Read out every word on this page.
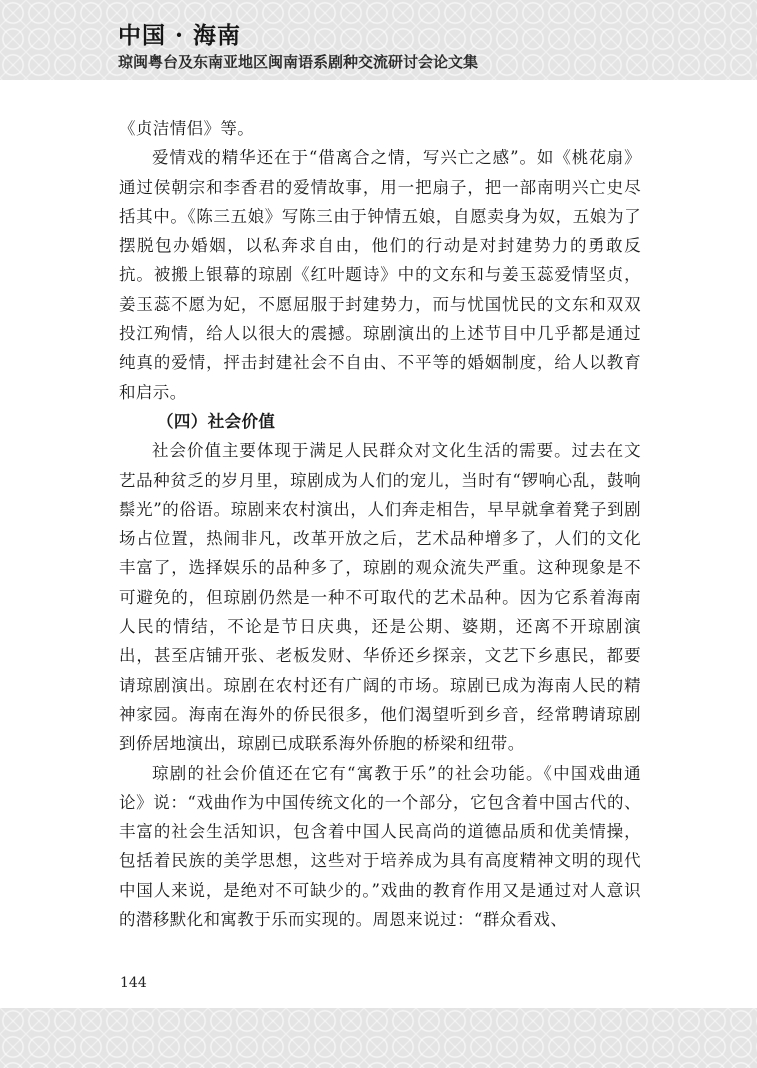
中国 · 海南
琼闽粤台及东南亚地区闽南语系剧种交流研讨会论文集

《贞洁情侣》等。

爱情戏的精华还在于“借离合之情，写兴亡之感”。如《桃花扇》通过侯朝宗和李香君的爱情故事，用一把扇子，把一部南明兴亡史尽括其中。《陈三五娘》写陈三由于钟情五娘，自愿卖身为奴，五娘为了摆脱包办婚姻，以私奔求自由，他们的行动是对封建势力的勇敢反抗。被搬上银幕的琼剧《红叶题诗》中的文东和与姜玉蕊爱情坚贞，姜玉蕊不愿为妃，不愿屈服于封建势力，而与忧国忧民的文东和双双投江殉情，给人以很大的震撼。琼剧演出的上述节目中几乎都是通过纯真的爱情，抨击封建社会不自由、不平等的婚姻制度，给人以教育和启示。

（四）社会价值

社会价值主要体现于满足人民群众对文化生活的需要。过去在文艺品种贫乏的岁月里，琼剧成为人们的宠儿，当时有“锣响心乱，鼓响鬃光”的俗语。琼剧来农村演出，人们奔走相告，早早就拿着凳子到剧场占位置，热闹非凡，改革开放之后，艺术品种增多了，人们的文化丰富了，选择娱乐的品种多了，琼剧的观众流失严重。这种现象是不可避免的，但琼剧仍然是一种不可取代的艺术品种。因为它系着海南人民的情结，不论是节日庆典，还是公期、婆期，还离不开琼剧演出，甚至店铺开张、老板发财、华侨还乡探亲，文艺下乡惠民，都要请琼剧演出。琼剧在农村还有广阔的市场。琼剧已成为海南人民的精神家园。海南在海外的侨民很多，他们渴望听到乡音，经常聘请琼剧到侨居地演出，琼剧已成联系海外侨胞的桥梁和纽带。

琼剧的社会价值还在它有“寓教于乐”的社会功能。《中国戏曲通论》说：“戏曲作为中国传统文化的一个部分，它包含着中国古代的、丰富的社会生活知识，包含着中国人民高尚的道德品质和优美情操，包括着民族的美学思想，这些对于培养成为具有高度精神文明的现代中国人来说，是绝对不可缺少的。”戏曲的教育作用又是通过对人意识的潜移默化和寓教于乐而实现的。周恩来说过：“群众看戏、

144
